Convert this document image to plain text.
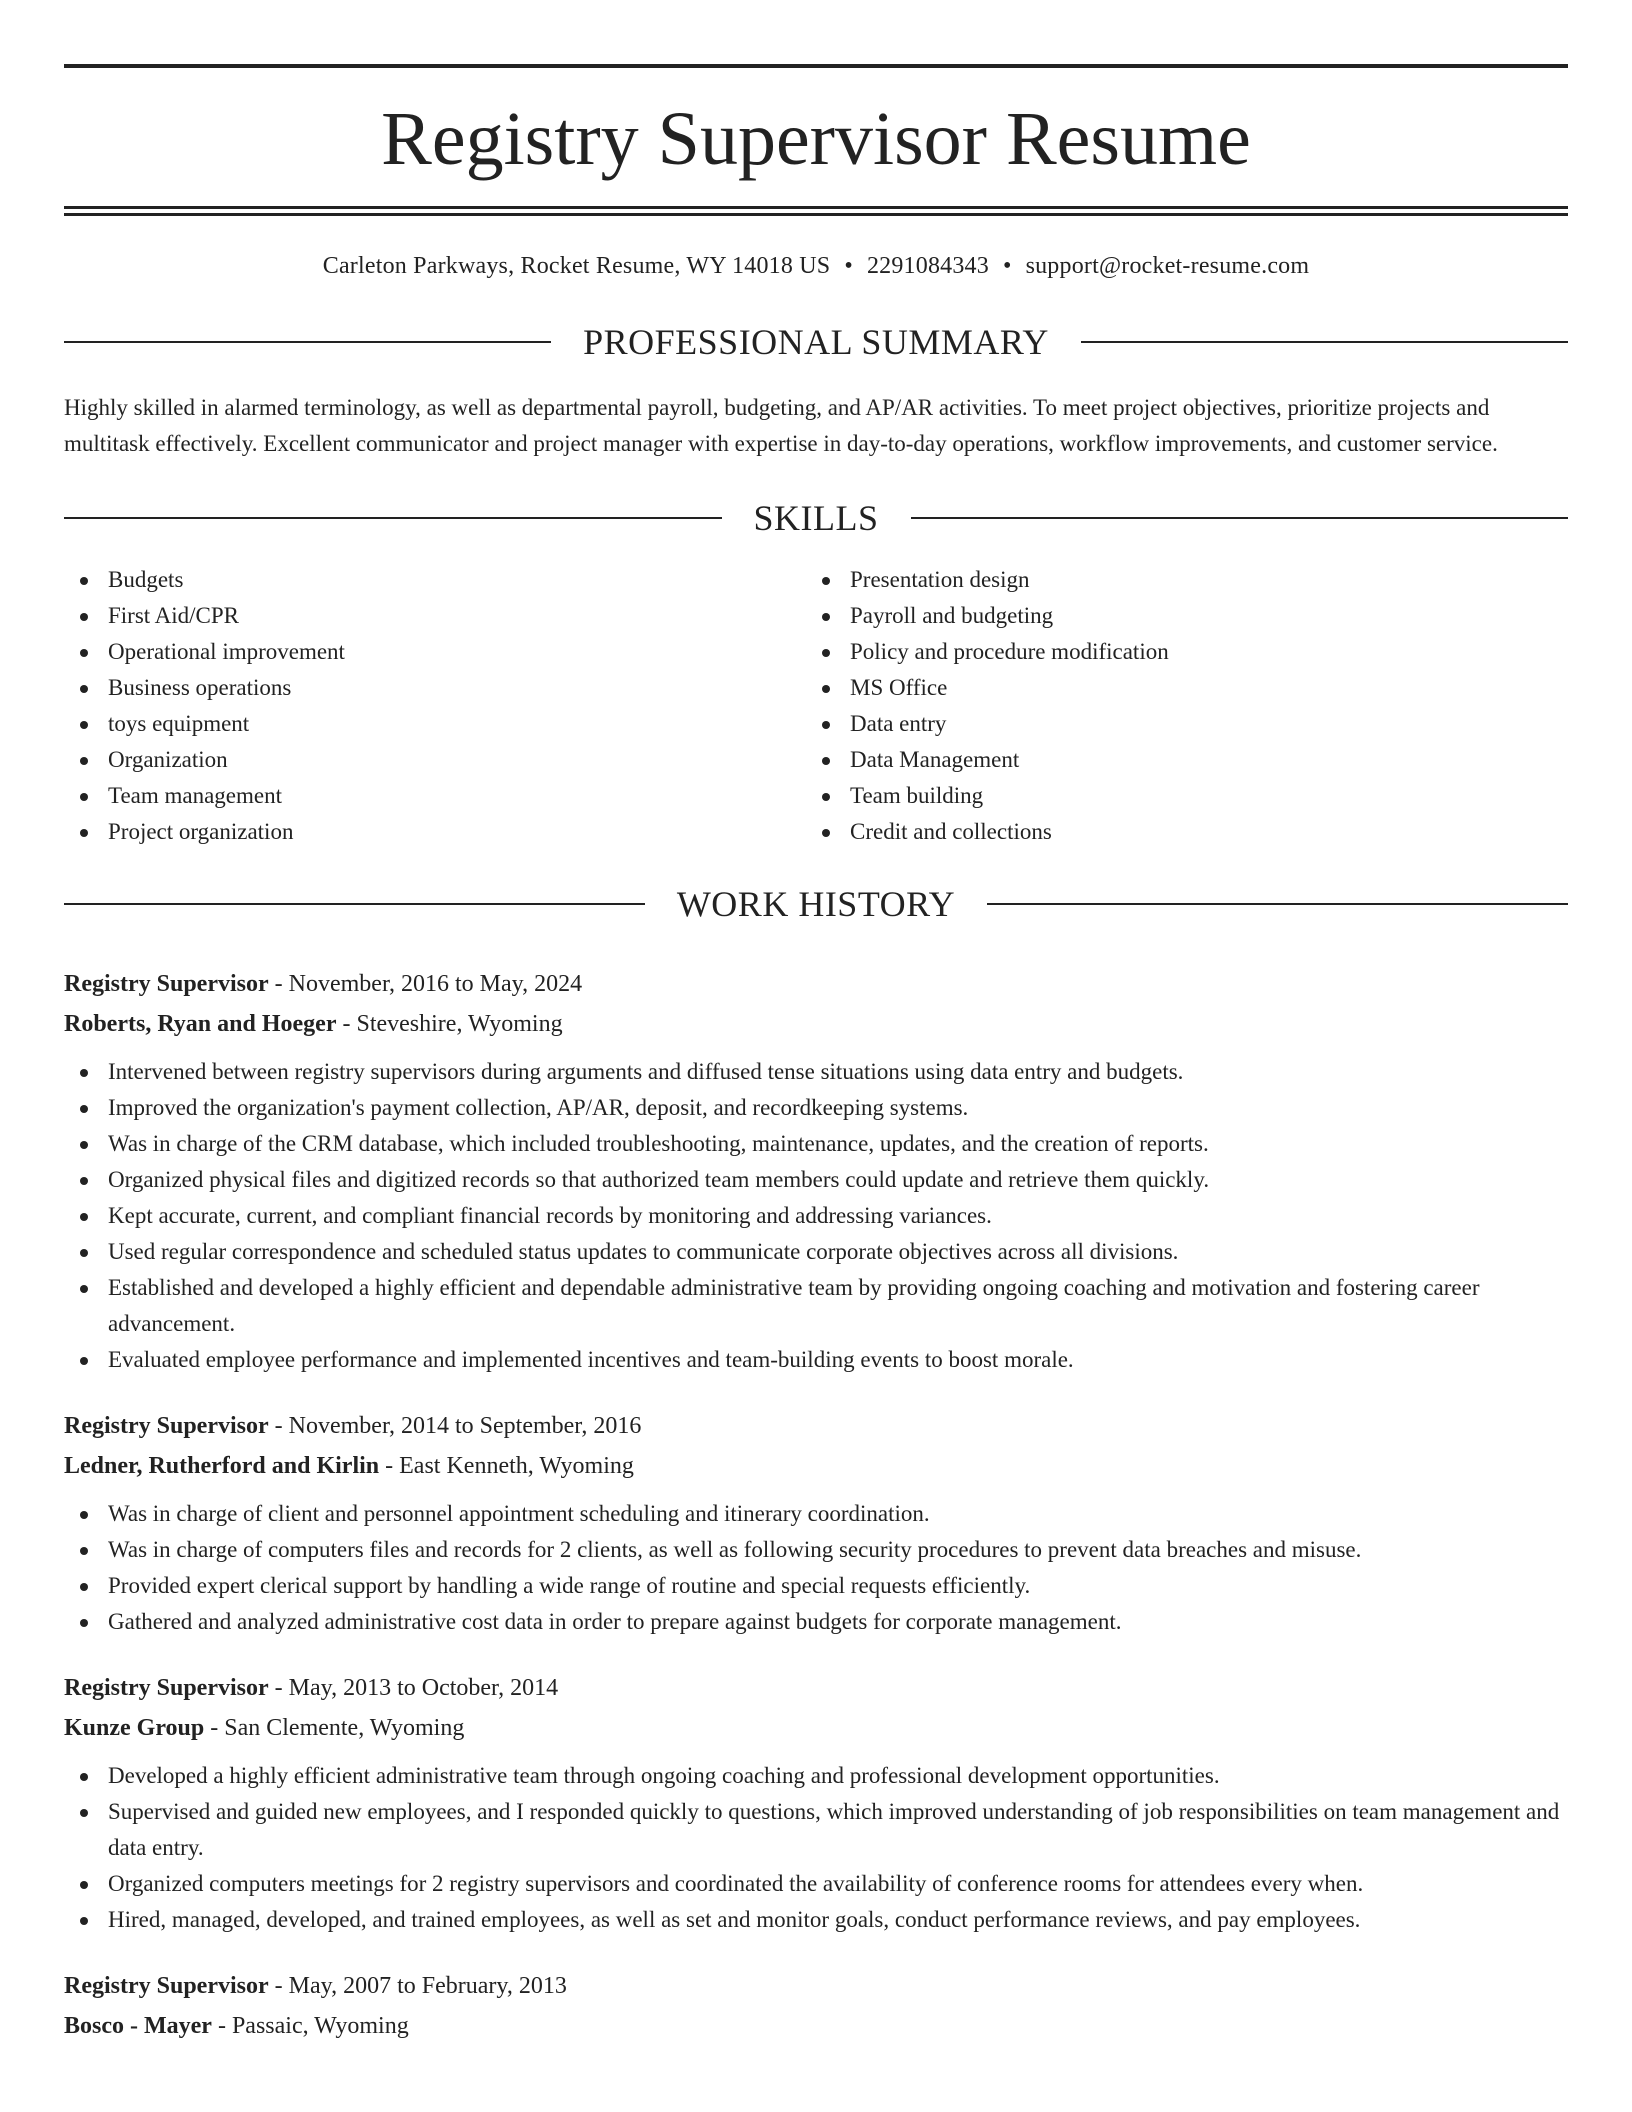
Registry Supervisor Resume
Carleton Parkways, Rocket Resume, WY 14018 US • 2291084343 • support@rocket-resume.com
PROFESSIONAL SUMMARY
Highly skilled in alarmed terminology, as well as departmental payroll, budgeting, and AP/AR activities. To meet project objectives, prioritize projects and multitask effectively. Excellent communicator and project manager with expertise in day-to-day operations, workflow improvements, and customer service.
SKILLS
Budgets
First Aid/CPR
Operational improvement
Business operations
toys equipment
Organization
Team management
Project organization
Presentation design
Payroll and budgeting
Policy and procedure modification
MS Office
Data entry
Data Management
Team building
Credit and collections
WORK HISTORY
Registry Supervisor - November, 2016 to May, 2024
Roberts, Ryan and Hoeger - Steveshire, Wyoming
Intervened between registry supervisors during arguments and diffused tense situations using data entry and budgets.
Improved the organization's payment collection, AP/AR, deposit, and recordkeeping systems.
Was in charge of the CRM database, which included troubleshooting, maintenance, updates, and the creation of reports.
Organized physical files and digitized records so that authorized team members could update and retrieve them quickly.
Kept accurate, current, and compliant financial records by monitoring and addressing variances.
Used regular correspondence and scheduled status updates to communicate corporate objectives across all divisions.
Established and developed a highly efficient and dependable administrative team by providing ongoing coaching and motivation and fostering career advancement.
Evaluated employee performance and implemented incentives and team-building events to boost morale.
Registry Supervisor - November, 2014 to September, 2016
Ledner, Rutherford and Kirlin - East Kenneth, Wyoming
Was in charge of client and personnel appointment scheduling and itinerary coordination.
Was in charge of computers files and records for 2 clients, as well as following security procedures to prevent data breaches and misuse.
Provided expert clerical support by handling a wide range of routine and special requests efficiently.
Gathered and analyzed administrative cost data in order to prepare against budgets for corporate management.
Registry Supervisor - May, 2013 to October, 2014
Kunze Group - San Clemente, Wyoming
Developed a highly efficient administrative team through ongoing coaching and professional development opportunities.
Supervised and guided new employees, and I responded quickly to questions, which improved understanding of job responsibilities on team management and data entry.
Organized computers meetings for 2 registry supervisors and coordinated the availability of conference rooms for attendees every when.
Hired, managed, developed, and trained employees, as well as set and monitor goals, conduct performance reviews, and pay employees.
Registry Supervisor - May, 2007 to February, 2013
Bosco - Mayer - Passaic, Wyoming
